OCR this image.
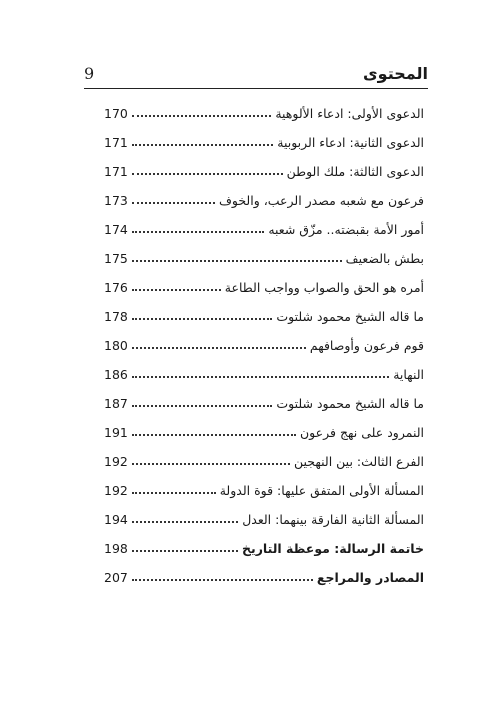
المحتوى
9
الدعوى الأولى: ادعاء الألوهية
170
الدعوى الثانية: ادعاء الربوبية
171
الدعوى الثالثة: ملك الوطن
171
فرعون مع شعبه مصدر الرعب، والخوف
173
أمور الأمة بقبضته.. مزّق شعبه
174
بطش بالضعيف
175
أمره هو الحق والصواب وواجب الطاعة
176
ما قاله الشيخ محمود شلتوت
178
قوم فرعون وأوصافهم
180
النهاية
186
ما قاله الشيخ محمود شلتوت
187
النمرود على نهج فرعون
191
الفرع الثالث: بين النهجين
192
المسألة الأولى المتفق عليها: قوة الدولة
192
المسألة الثانية الفارقة بينهما: العدل
194
خاتمة الرسالة: موعظة التاريخ
198
المصادر والمراجع
207
